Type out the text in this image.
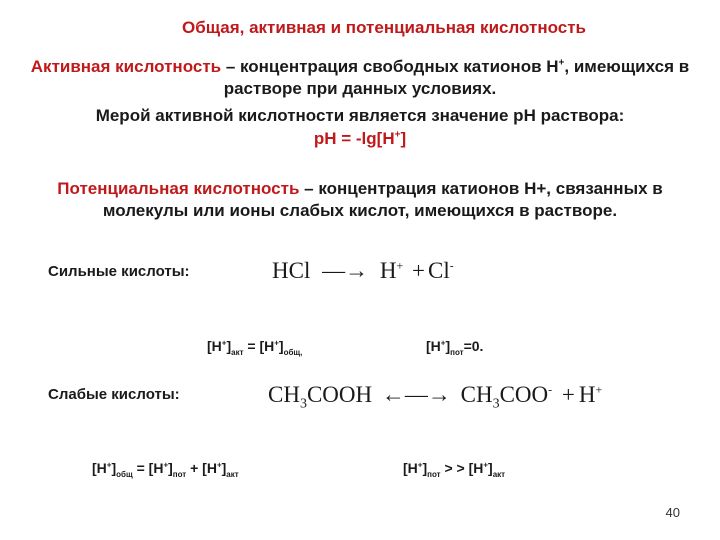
Общая, активная и потенциальная кислотность
Активная кислотность – концентрация свободных катионов Н+, имеющихся в растворе при данных условиях.
Мерой активной кислотности является значение рН раствора:
рН = -lg[H+]
Потенциальная кислотность – концентрация катионов Н+, связанных в молекулы или ионы слабых кислот, имеющихся в растворе.
Сильные кислоты:	HCl —→ H+ + Cl-
$[H^+]_{акт} = [H^+]_{общ,}$	$[H^+]_{пот}=0$.
Слабые кислоты:	$CH_3COOH$ ←—→ $CH_3COO^- + H^+$
$[H^+]_{общ} = [H^+]_{пот} + [H^+]_{акт}$	$[H^+]_{пот}$ > > $[H^+]_{акт}$
40
